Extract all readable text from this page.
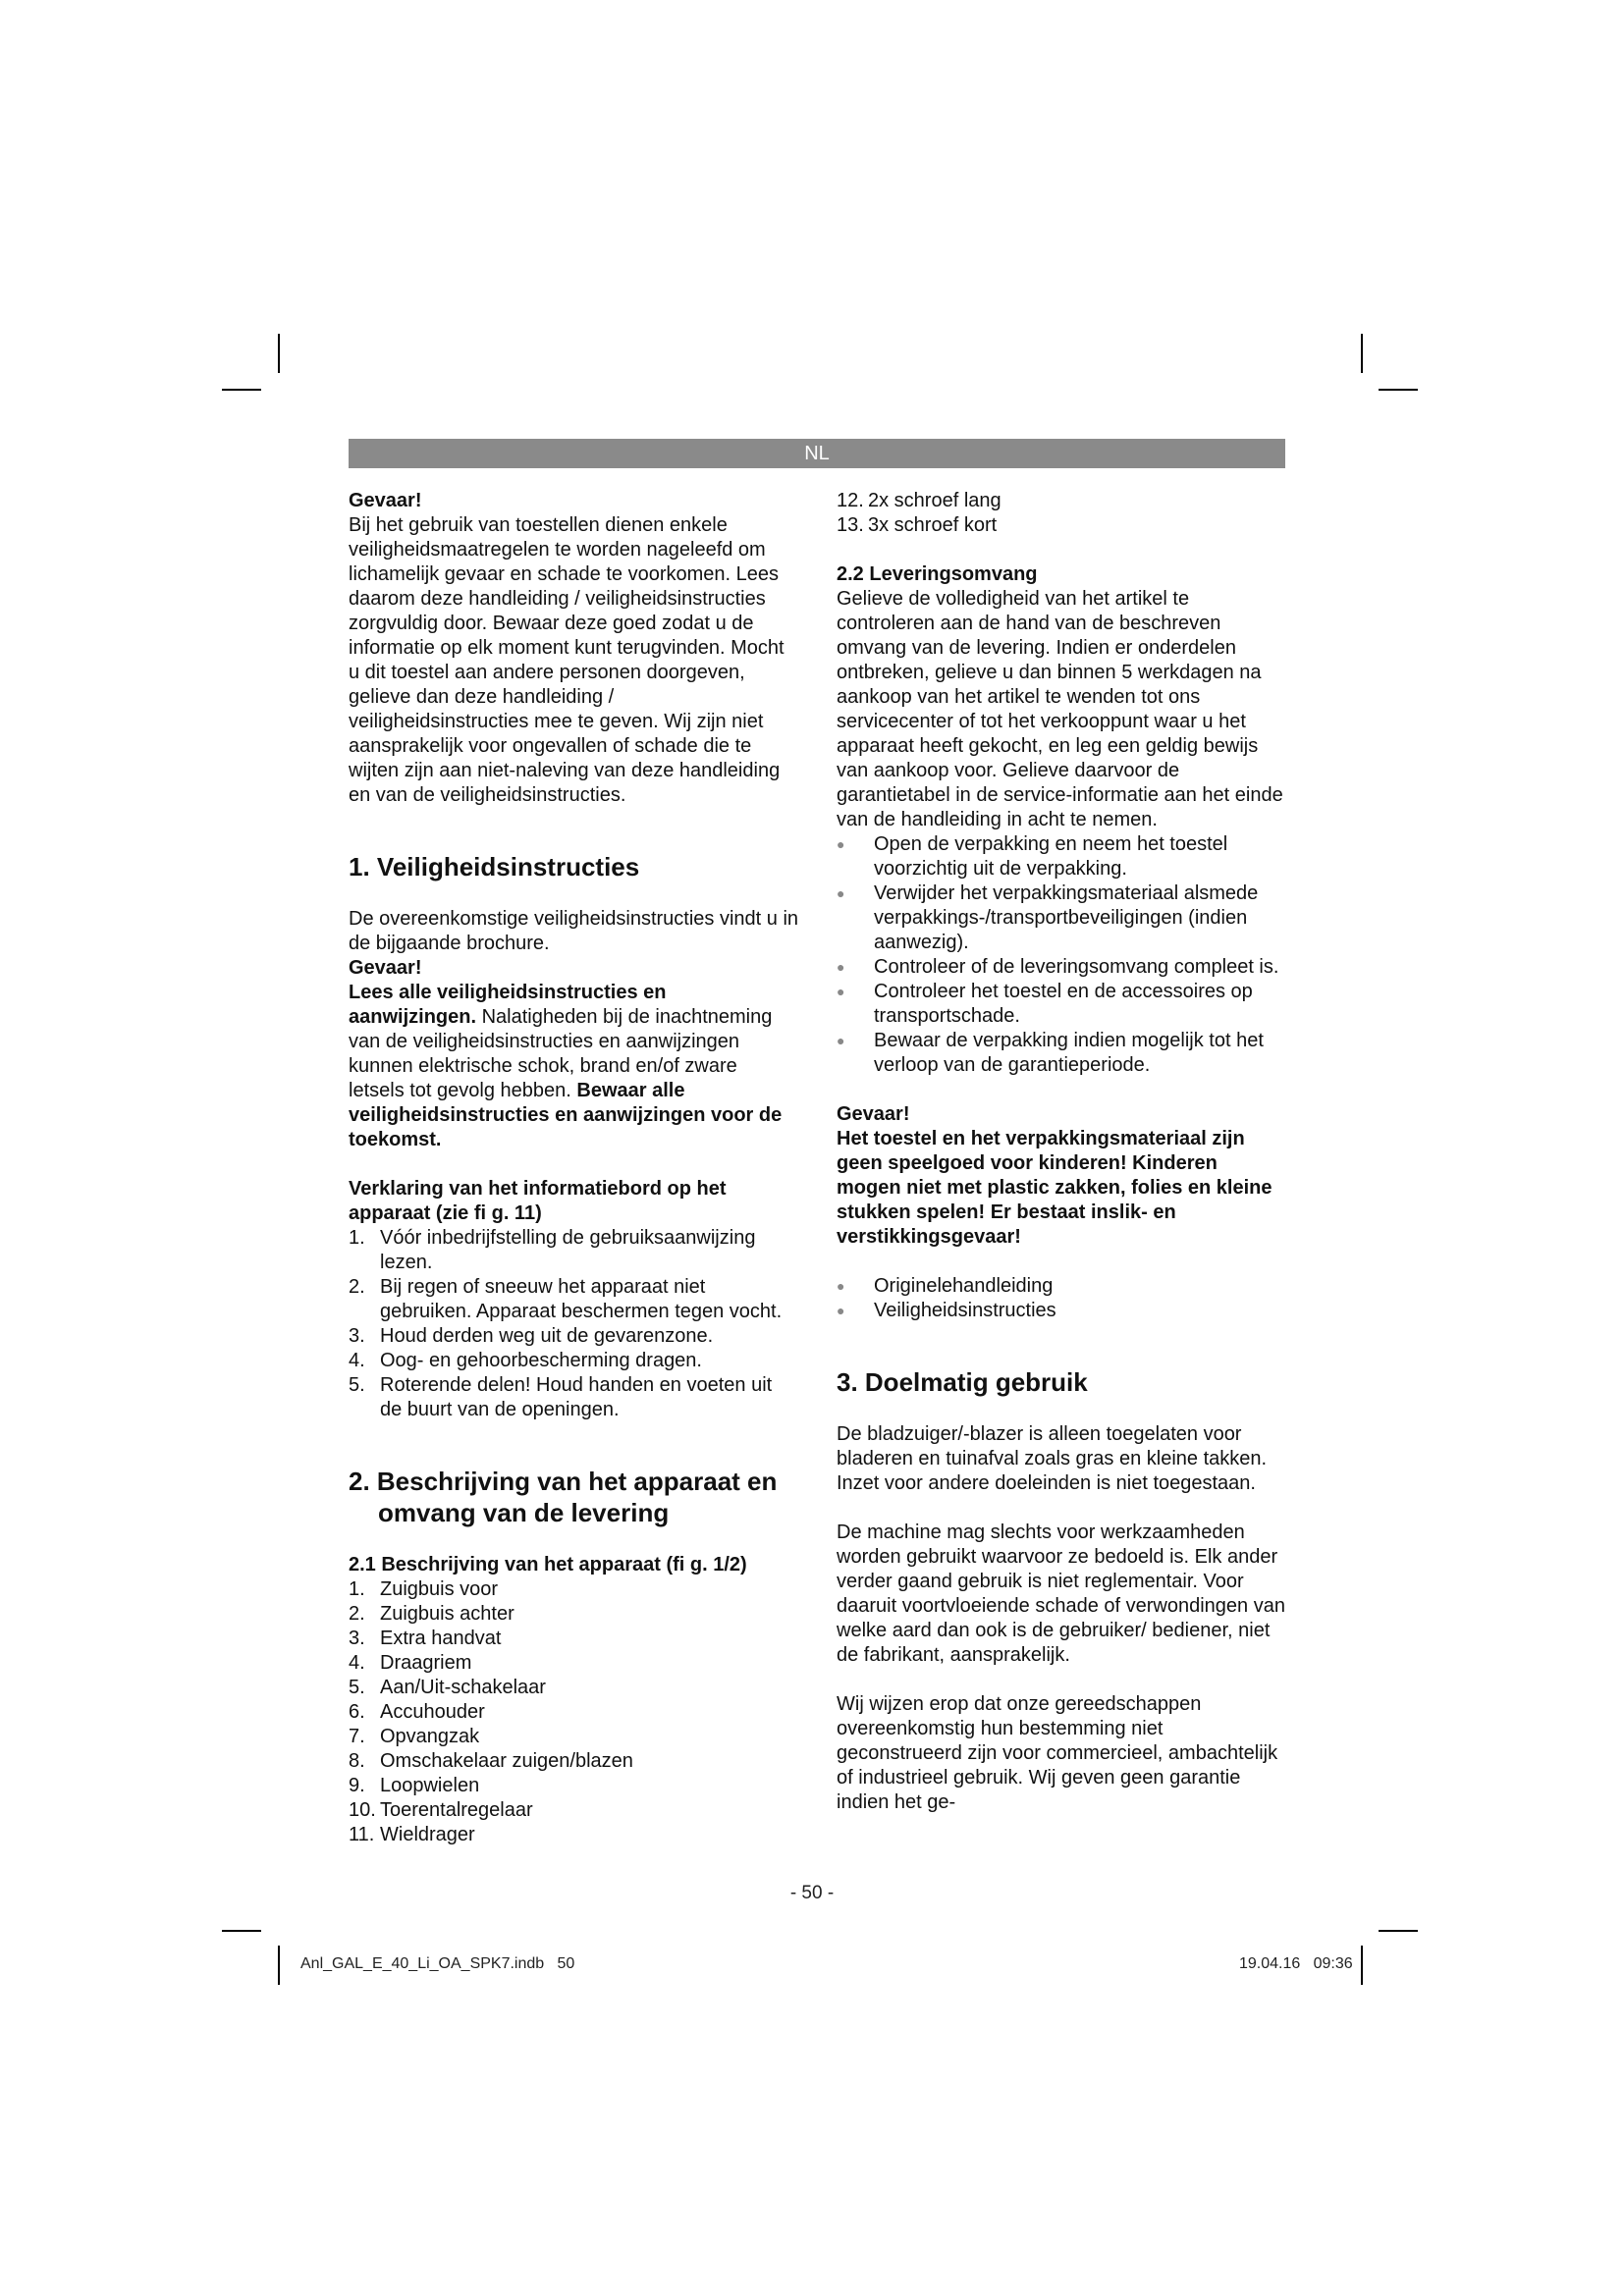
NL

Gevaar!

Bij het gebruik van toestellen dienen enkele veiligheidsmaatregelen te worden nageleefd om lichamelijk gevaar en schade te voorkomen. Lees daarom deze handleiding / veiligheidsinstructies zorgvuldig door. Bewaar deze goed zodat u de informatie op elk moment kunt terugvinden. Mocht u dit toestel aan andere personen doorgeven, gelieve dan deze handleiding / veiligheidsinstructies mee te geven. Wij zijn niet aansprakelijk voor ongevallen of schade die te wijten zijn aan niet-naleving van deze handleiding en van de veiligheidsinstructies.

1. Veiligheidsinstructies

De overeenkomstige veiligheidsinstructies vindt u in de bijgaande brochure.

Gevaar!

Lees alle veiligheidsinstructies en aanwijzingen. Nalatigheden bij de inachtneming van de veiligheidsinstructies en aanwijzingen kunnen elektrische schok, brand en/of zware letsels tot gevolg hebben. Bewaar alle veiligheidsinstructies en aanwijzingen voor de toekomst.

Verklaring van het informatiebord op het apparaat (zie fi g. 11)

1. Vóór inbedrijfstelling de gebruiksaanwijzing lezen.
2. Bij regen of sneeuw het apparaat niet gebruiken. Apparaat beschermen tegen vocht.
3. Houd derden weg uit de gevarenzone.
4. Oog- en gehoorbescherming dragen.
5. Roterende delen! Houd handen en voeten uit de buurt van de openingen.

2. Beschrijving van het apparaat en
omvang van de levering

2.1 Beschrijving van het apparaat (fi g. 1/2)

1. Zuigbuis voor
2. Zuigbuis achter
3. Extra handvat
4. Draagriem
5. Aan/Uit-schakelaar
6. Accuhouder
7. Opvangzak
8. Omschakelaar zuigen/blazen
9. Loopwielen
10. Toerentalregelaar
11. Wieldrager
12. 2x schroef lang
13. 3x schroef kort

2.2 Leveringsomvang

Gelieve de volledigheid van het artikel te controleren aan de hand van de beschreven omvang van de levering. Indien er onderdelen ontbreken, gelieve u dan binnen 5 werkdagen na aankoop van het artikel te wenden tot ons servicecenter of tot het verkooppunt waar u het apparaat heeft gekocht, en leg een geldig bewijs van aankoop voor. Gelieve daarvoor de garantietabel in de service-informatie aan het einde van de handleiding in acht te nemen.

●	Open de verpakking en neem het toestel voorzichtig uit de verpakking.
●	Verwijder het verpakkingsmateriaal alsmede verpakkings-/transportbeveiligingen (indien aanwezig).
●	Controleer of de leveringsomvang compleet is.
●	Controleer het toestel en de accessoires op transportschade.
●	Bewaar de verpakking indien mogelijk tot het verloop van de garantieperiode.

Gevaar!

Het toestel en het verpakkingsmateriaal zijn geen speelgoed voor kinderen! Kinderen mogen niet met plastic zakken, folies en kleine stukken spelen! Er bestaat inslik- en verstikkingsgevaar!

●	Originelehandleiding
●	Veiligheidsinstructies

3. Doelmatig gebruik

De bladzuiger/-blazer is alleen toegelaten voor bladeren en tuinafval zoals gras en kleine takken. Inzet voor andere doeleinden is niet toegestaan.

De machine mag slechts voor werkzaamheden worden gebruikt waarvoor ze bedoeld is. Elk ander verder gaand gebruik is niet reglementair. Voor daaruit voortvloeiende schade of verwondingen van welke aard dan ook is de gebruiker/ bediener, niet de fabrikant, aansprakelijk.

Wij wijzen erop dat onze gereedschappen overeenkomstig hun bestemming niet geconstrueerd zijn voor commercieel, ambachtelijk of industrieel gebruik. Wij geven geen garantie indien het ge-

- 50 -
Anl_GAL_E_40_Li_OA_SPK7.indb   50	19.04.16   09:36
